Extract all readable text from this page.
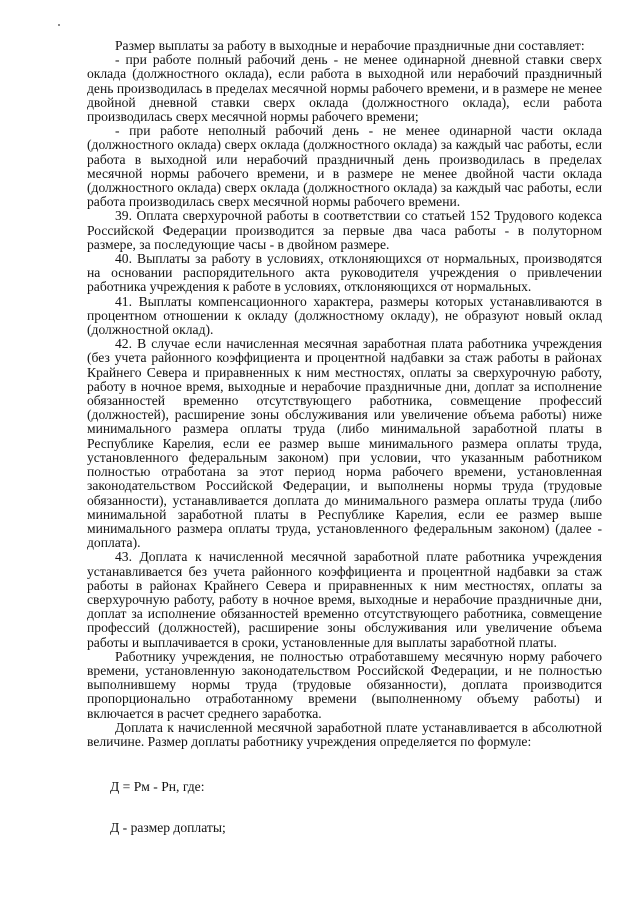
Размер выплаты за работу в выходные и нерабочие праздничные дни составляет:

- при работе полный рабочий день - не менее одинарной дневной ставки сверх оклада (должностного оклада), если работа в выходной или нерабочий праздничный день производилась в пределах месячной нормы рабочего времени, и в размере не менее двойной дневной ставки сверх оклада (должностного оклада), если работа производилась сверх месячной нормы рабочего времени;

- при работе неполный рабочий день - не менее одинарной части оклада (должностного оклада) сверх оклада (должностного оклада) за каждый час работы, если работа в выходной или нерабочий праздничный день производилась в пределах месячной нормы рабочего времени, и в размере не менее двойной части оклада (должностного оклада) сверх оклада (должностного оклада) за каждый час работы, если работа производилась сверх месячной нормы рабочего времени.

39. Оплата сверхурочной работы в соответствии со статьей 152 Трудового кодекса Российской Федерации производится за первые два часа работы - в полуторном размере, за последующие часы - в двойном размере.

40. Выплаты за работу в условиях, отклоняющихся от нормальных, производятся на основании распорядительного акта руководителя учреждения о привлечении работника учреждения к работе в условиях, отклоняющихся от нормальных.

41. Выплаты компенсационного характера, размеры которых устанавливаются в процентном отношении к окладу (должностному окладу), не образуют новый оклад (должностной оклад).

42. В случае если начисленная месячная заработная плата работника учреждения (без учета районного коэффициента и процентной надбавки за стаж работы в районах Крайнего Севера и приравненных к ним местностях, оплаты за сверхурочную работу, работу в ночное время, выходные и нерабочие праздничные дни, доплат за исполнение обязанностей временно отсутствующего работника, совмещение профессий (должностей), расширение зоны обслуживания или увеличение объема работы) ниже минимального размера оплаты труда (либо минимальной заработной платы в Республике Карелия, если ее размер выше минимального размера оплаты труда, установленного федеральным законом) при условии, что указанным работником полностью отработана за этот период норма рабочего времени, установленная законодательством Российской Федерации, и выполнены нормы труда (трудовые обязанности), устанавливается доплата до минимального размера оплаты труда (либо минимальной заработной платы в Республике Карелия, если ее размер выше минимального размера оплаты труда, установленного федеральным законом) (далее - доплата).

43. Доплата к начисленной месячной заработной плате работника учреждения устанавливается без учета районного коэффициента и процентной надбавки за стаж работы в районах Крайнего Севера и приравненных к ним местностях, оплаты за сверхурочную работу, работу в ночное время, выходные и нерабочие праздничные дни, доплат за исполнение обязанностей временно отсутствующего работника, совмещение профессий (должностей), расширение зоны обслуживания или увеличение объема работы и выплачивается в сроки, установленные для выплаты заработной платы.

Работнику учреждения, не полностью отработавшему месячную норму рабочего времени, установленную законодательством Российской Федерации, и не полностью выполнившему нормы труда (трудовые обязанности), доплата производится пропорционально отработанному времени (выполненному объему работы) и включается в расчет среднего заработка.

Доплата к начисленной месячной заработной плате устанавливается в абсолютной величине. Размер доплаты работнику учреждения определяется по формуле:

Д = Рм - Рн, где:

Д - размер доплаты;
